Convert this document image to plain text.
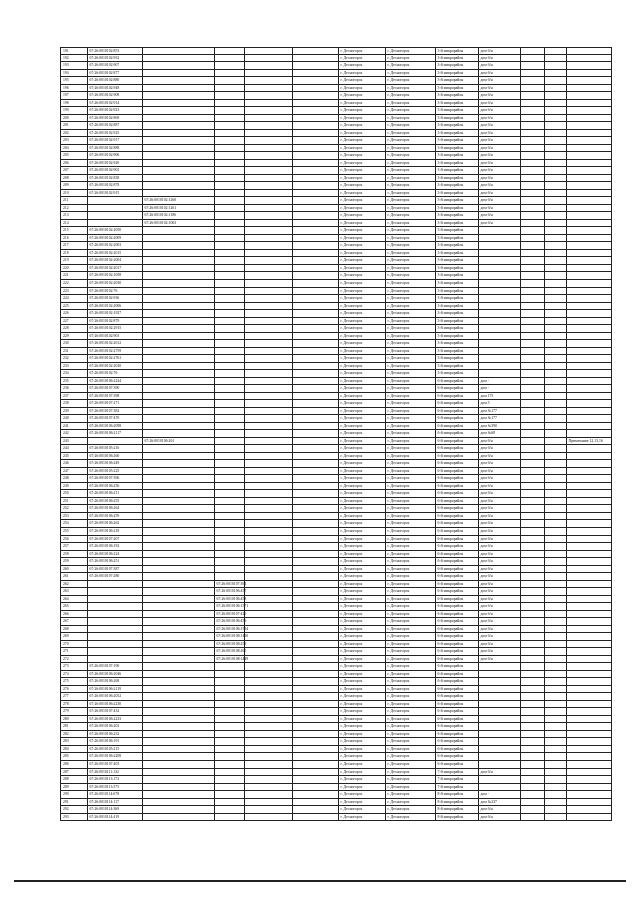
191	67:26:0010102:853	г. Десногорск	г. Десногорск	3-й микрорайон	дом б/н
192	67:26:0010102:932	г. Десногорск	г. Десногорск	3-й микрорайон	дом б/н
193	67:26:0010102:907	г. Десногорск	г. Десногорск	3-й микрорайон	дом б/н
194	67:26:0010102:877	г. Десногорск	г. Десногорск	3-й микрорайон	дом б/н
195	67:26:0010102:880	г. Десногорск	г. Десногорск	3-й микрорайон	дом б/н
196	67:26:0010102:948	г. Десногорск	г. Десногорск	3-й микрорайон	дом б/н
197	67:26:0010102:908	г. Десногорск	г. Десногорск	3-й микрорайон	дом б/н
198	67:26:0010102:914	г. Десногорск	г. Десногорск	3-й микрорайон	дом б/н
199	67:26:0010102:923	г. Десногорск	г. Десногорск	3-й микрорайон	дом б/н
200	67:26:0010102:869	г. Десногорск	г. Десногорск	3-й микрорайон	дом б/н
201	67:26:0010102:887	г. Десногорск	г. Десногорск	3-й микрорайон	дом б/н
202	67:26:0010102:925	г. Десногорск	г. Десногорск	3-й микрорайон	дом б/н
203	67:26:0010102:917	г. Десногорск	г. Десногорск	3-й микрорайон	дом б/н
204	67:26:0010102:888	г. Десногорск	г. Десногорск	3-й микрорайон	дом б/н
205	67:26:0010102:906	г. Десногорск	г. Десногорск	3-й микрорайон	дом б/н
206	67:26:0010102:920	г. Десногорск	г. Десногорск	3-й микрорайон	дом б/н
207	67:26:0010102:902	г. Десногорск	г. Десногорск	3-й микрорайон	дом б/н
208	67:26:0010102:838	г. Десногорск	г. Десногорск	3-й микрорайон	дом б/н
209	67:26:0010102:878	г. Десногорск	г. Десногорск	3-й микрорайон	дом б/н
210	67:26:0010102:915	г. Десногорск	г. Десногорск	3-й микрорайон	дом б/н
211	67:26:0010102:1260	г. Десногорск	г. Десногорск	3-й микрорайон	дом б/н
212	67:26:0010102:1261	г. Десногорск	г. Десногорск	3-й микрорайон	дом б/н
213	67:26:0010102:1186	г. Десногорск	г. Десногорск	3-й микрорайон	дом б/н
214	67:26:0010102:1063	г. Десногорск	г. Десногорск	3-й микрорайон	дом б/н
215	67:26:0010102:2050	г. Десногорск	г. Десногорск	3-й микрорайон
216	67:26:0010102:2009	г. Десногорск	г. Десногорск	3-й микрорайон
217	67:26:0010102:2003	г. Десногорск	г. Десногорск	3-й микрорайон
218	67:26:0010102:2015	г. Десногорск	г. Десногорск	3-й микрорайон
219	67:26:0010102:2004	г. Десногорск	г. Десногорск	3-й микрорайон
220	67:26:0010102:2017	г. Десногорск	г. Десногорск	3-й микрорайон
221	67:26:0010102:1058	г. Десногорск	г. Десногорск	3-й микрорайон
222	67:26:0010102:2030	г. Десногорск	г. Десногорск	3-й микрорайон
223	67:26:0010102:76	г. Десногорск	г. Десногорск	3-й микрорайон
224	67:26:0010102:936	г. Десногорск	г. Десногорск	3-й микрорайон
225	67:26:0010102:2006	г. Десногорск	г. Десногорск	3-й микрорайон
226	67:26:0010102:1927	г. Десногорск	г. Десногорск	3-й микрорайон
227	67:26:0010102:879	г. Десногорск	г. Десногорск	3-й микрорайон
228	67:26:0010102:2915	г. Десногорск	г. Десногорск	3-й микрорайон
229	67:26:0010102:903	г. Десногорск	г. Десногорск	3-й микрорайон
230	67:26:0010102:2012	г. Десногорск	г. Десногорск	3-й микрорайон
231	67:26:0010102:2759	г. Десногорск	г. Десногорск	3-й микрорайон
232	67:26:0010102:2761	г. Десногорск	г. Десногорск	3-й микрорайон
233	67:26:0010102:2020	г. Десногорск	г. Десногорск	3-й микрорайон
234	67:26:0010102:76	г. Десногорск	г. Десногорск	3-й микрорайон
235	67:26:0010106:2244	г. Десногорск	г. Десногорск	6-й микрорайон	дом -
236	67:26:0010107:390	г. Десногорск	г. Десногорск	6-й микрорайон	дом -
237	67:26:0010107:398	г. Десногорск	г. Десногорск	6-й микрорайон	дом 175
238	67:26:0010107:271	г. Десногорск	г. Десногорск	6-й микрорайон	дом 5
239	67:26:0010107:382	г. Десногорск	г. Десногорск	6-й микрорайон	дом №177
240	67:26:0010107:470	г. Десногорск	г. Десногорск	6-й микрорайон	дом №177
241	67:26:0010106:2098	г. Десногорск	г. Десногорск	6-й микрорайон	дом №390
242	67:26:0010106:2117	г. Десногорск	г. Десногорск	6-й микрорайон	дом №68
243	67:26:0010106:261	г. Десногорск	г. Десногорск	6-й микрорайон	дом б/н	Примечание 12,13,16
244	67:26:0010105:216	г. Десногорск	г. Десногорск	6-й микрорайон	дом б/н
245	67:26:0010106:260	г. Десногорск	г. Десногорск	6-й микрорайон	дом б/н
246	67:26:0010106:249	г. Десногорск	г. Десногорск	6-й микрорайон	дом б/н
247	67:26:0010105:225	г. Десногорск	г. Десногорск	6-й микрорайон	дом б/н
248	67:26:0010107:396	г. Десногорск	г. Десногорск	6-й микрорайон	дом б/н
249	67:26:0010106:256	г. Десногорск	г. Десногорск	6-й микрорайон	дом б/н
250	67:26:0010106:211	г. Десногорск	г. Десногорск	6-й микрорайон	дом б/н
251	67:26:0010106:255	г. Десногорск	г. Десногорск	6-й микрорайон	дом б/н
252	67:26:0010106:264	г. Десногорск	г. Десногорск	6-й микрорайон	дом б/н
253	67:26:0010106:259	г. Десногорск	г. Десногорск	6-й микрорайон	дом б/н
254	67:26:0010106:262	г. Десногорск	г. Десногорск	6-й микрорайон	дом б/н
255	67:26:0010106:218	г. Десногорск	г. Десногорск	6-й микрорайон	дом б/н
256	67:26:0010107:207	г. Десногорск	г. Десногорск	6-й микрорайон	дом б/н
257	67:26:0010106:192	г. Десногорск	г. Десногорск	6-й микрорайон	дом б/н
258	67:26:0010106:224	г. Десногорск	г. Десногорск	6-й микрорайон	дом б/н
259	67:26:0010106:251	г. Десногорск	г. Десногорск	6-й микрорайон	дом б/н
260	67:26:0010107:387	г. Десногорск	г. Десногорск	6-й микрорайон	дом б/н
261	67:26:0010107:280	г. Десногорск	г. Десногорск	6-й микрорайон	дом б/н
262	67:26:0010107:394	г. Десногорск	г. Десногорск	6-й микрорайон	дом б/н
263	67:26:0010106:457	г. Десногорск	г. Десногорск	6-й микрорайон	дом б/н
264	67:26:0010106:458	г. Десногорск	г. Десногорск	6-й микрорайон	дом б/н
265	67:26:0010106:1571	г. Десногорск	г. Десногорск	6-й микрорайон	дом б/н
266	67:26:0010107:420	г. Десногорск	г. Десногорск	6-й микрорайон	дом б/н
267	67:26:0010106:456	г. Десногорск	г. Десногорск	6-й микрорайон	дом б/н
268	67:26:0010106:1594	г. Десногорск	г. Десногорск	6-й микрорайон	дом б/н
269	67:26:0010108:1450	г. Десногорск	г. Десногорск	6-й микрорайон	дом б/н
270	67:26:0010108:259	г. Десногорск	г. Десногорск	6-й микрорайон	дом б/н
271	67:26:0010108:260	г. Десногорск	г. Десногорск	6-й микрорайон	дом б/н
272	67:26:0010108:1449	г. Десногорск	г. Десногорск	6-й микрорайон	дом б/н
273	67:26:0010107:190	г. Десногорск	г. Десногорск	6-й микрорайон
274	67:26:0010106:2046	г. Десногорск	г. Десногорск	6-й микрорайон
275	67:26:0010106:268	г. Десногорск	г. Десногорск	6-й микрорайон
276	67:26:0010106:2119	г. Десногорск	г. Десногорск	6-й микрорайон
277	67:26:0010106:2052	г. Десногорск	г. Десногорск	6-й микрорайон
278	67:26:0010106:2230	г. Десногорск	г. Десногорск	6-й микрорайон
279	67:26:0010107:432	г. Десногорск	г. Десногорск	6-й микрорайон
280	67:26:0010106:2233	г. Десногорск	г. Десногорск	6-й микрорайон
281	67:26:0010106:202	г. Десногорск	г. Десногорск	6-й микрорайон
282	67:26:0010106:232	г. Десногорск	г. Десногорск	6-й микрорайон
283	67:26:0010106:191	г. Десногорск	г. Десногорск	6-й микрорайон
284	67:26:0010105:215	г. Десногорск	г. Десногорск	6-й микрорайон
285	67:26:0010106:2208	г. Десногорск	г. Десногорск	6-й микрорайон
286	67:26:0010107:403	г. Десногорск	г. Десногорск	6-й микрорайон
287	67:26:0010111:132	г. Десногорск	г. Десногорск	7-й микрорайон	дом б/н
288	67:26:0010113:172	г. Десногорск	г. Десногорск	7-й микрорайон
289	67:26:0010113:575	г. Десногорск	г. Десногорск	7-й микрорайон
290	67:26:0010114:678	г. Десногорск	г. Десногорск	8-й микрорайон	дом -
291	67:26:0010114:117	г. Десногорск	г. Десногорск	8-й микрорайон	дом №237
292	67:26:0010114:369	г. Десногорск	г. Десногорск	8-й микрорайон	дом б/н
293	67:26:0010114:419	г. Десногорск	г. Десногорск	8-й микрорайон	дом б/н
